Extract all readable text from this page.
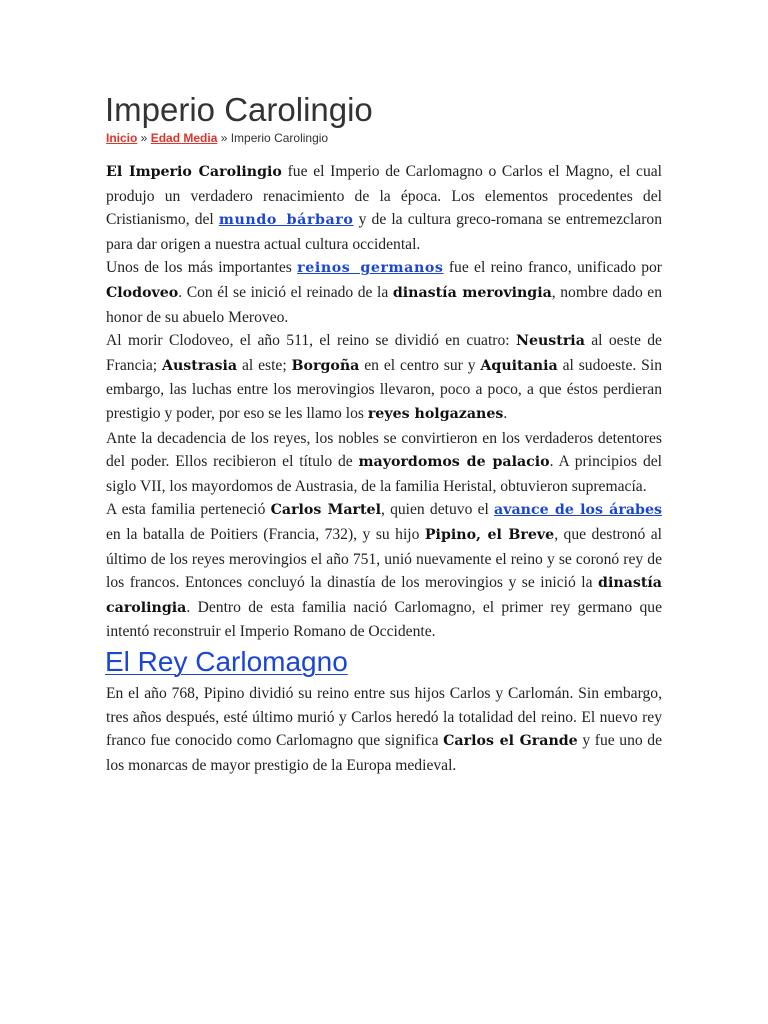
Imperio Carolingio
Inicio » Edad Media » Imperio Carolingio

El Imperio Carolingio fue el Imperio de Carlomagno o Carlos el Magno, el cual produjo un verdadero renacimiento de la época. Los elementos procedentes del Cristianismo, del mundo bárbaro y de la cultura greco-romana se entremezclaron para dar origen a nuestra actual cultura occidental.

Unos de los más importantes reinos germanos fue el reino franco, unificado por Clodoveo. Con él se inició el reinado de la dinastía merovingia, nombre dado en honor de su abuelo Meroveo.

Al morir Clodoveo, el año 511, el reino se dividió en cuatro: Neustria al oeste de Francia; Austrasia al este; Borgoña en el centro sur y Aquitania al sudoeste. Sin embargo, las luchas entre los merovingios llevaron, poco a poco, a que éstos perdieran prestigio y poder, por eso se les llamo los reyes holgazanes.

Ante la decadencia de los reyes, los nobles se convirtieron en los verdaderos detentores del poder. Ellos recibieron el título de mayordomos de palacio. A principios del siglo VII, los mayordomos de Austrasia, de la familia Heristal, obtuvieron supremacía.

A esta familia perteneció Carlos Martel, quien detuvo el avance de los árabes en la batalla de Poitiers (Francia, 732), y su hijo Pipino, el Breve, que destronó al último de los reyes merovingios el año 751, unió nuevamente el reino y se coronó rey de los francos. Entonces concluyó la dinastía de los merovingios y se inició la dinastía carolingia. Dentro de esta familia nació Carlomagno, el primer rey germano que intentó reconstruir el Imperio Romano de Occidente.

El Rey Carlomagno

En el año 768, Pipino dividió su reino entre sus hijos Carlos y Carlomán. Sin embargo, tres años después, esté último murió y Carlos heredó la totalidad del reino. El nuevo rey franco fue conocido como Carlomagno que significa Carlos el Grande y fue uno de los monarcas de mayor prestigio de la Europa medieval.
